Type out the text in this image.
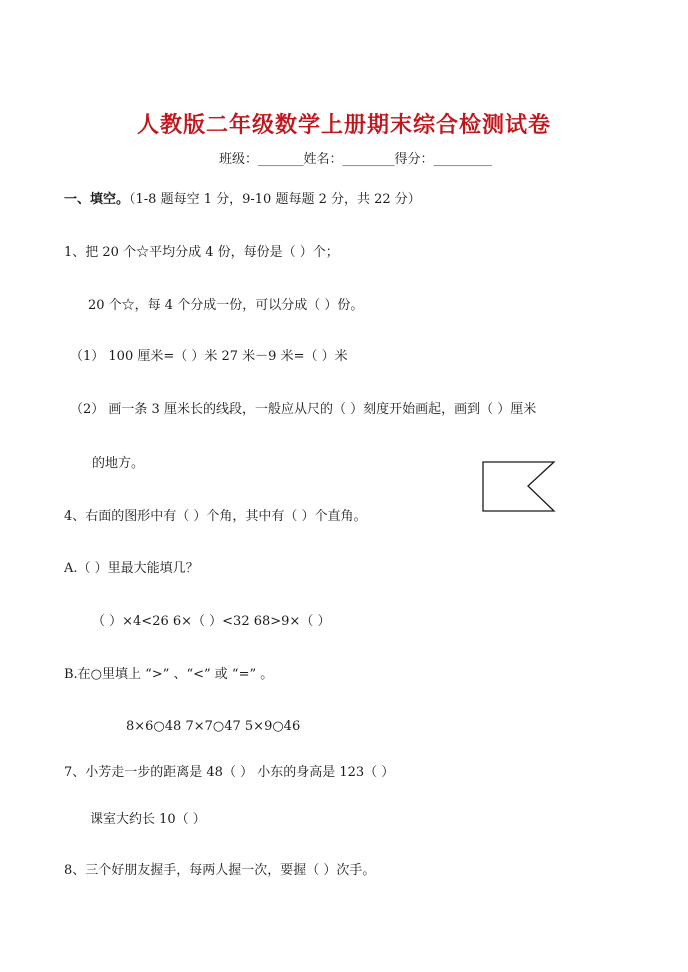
人教版二年级数学上册期末综合检测试卷
班级：_______姓名：________得分：_________
一、填空。（1-8 题每空 1 分，9-10 题每题 2 分，共 22 分）
1、把 20 个☆平均分成 4 份，每份是（ ）个；
20 个☆，每 4 个分成一份，可以分成（ ）份。
（1） 100 厘米=（ ）米 27 米－9 米=（ ）米
（2） 画一条 3 厘米长的线段，一般应从尺的（ ）刻度开始画起，画到（ ）厘米
的地方。
4、右面的图形中有（ ）个角，其中有（ ）个直角。
A.（ ）里最大能填几？
（ ）×4<26 6×（ ）<32 68>9×（ ）
B.在○里填上 “>” 、“<” 或 “=” 。
8×6○48 7×7○47 5×9○46
7、小芳走一步的距离是 48（ ） 小东的身高是 123（ ）
课室大约长 10（ ）
8、三个好朋友握手，每两人握一次，要握（ ）次手。
